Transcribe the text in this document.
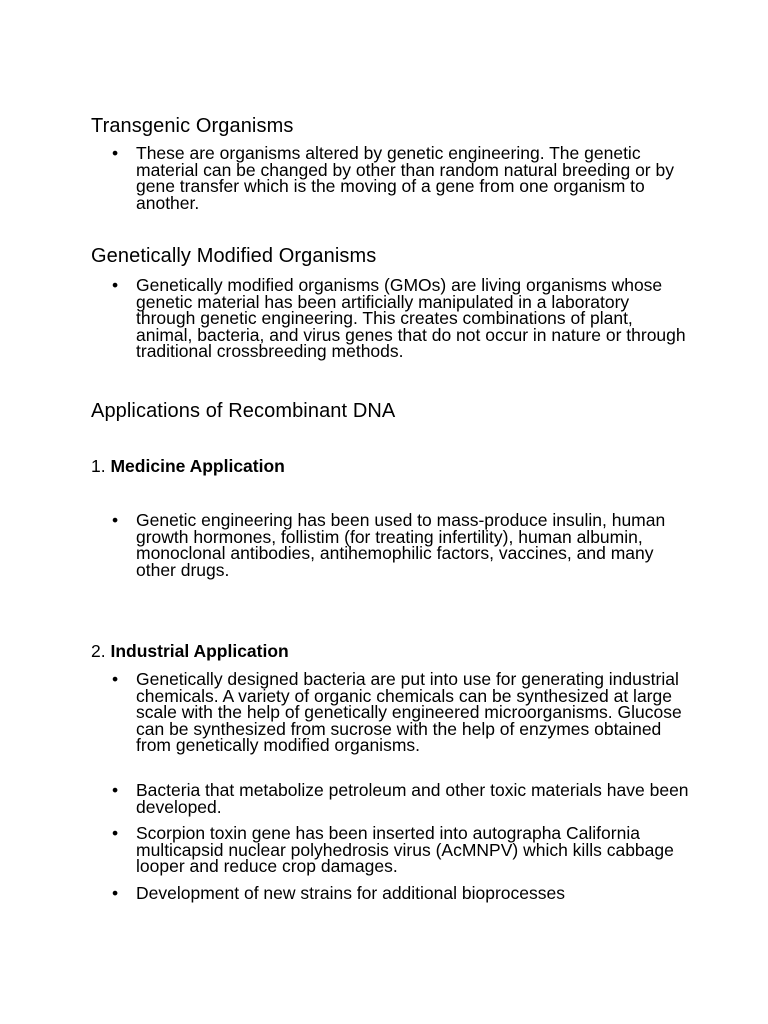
Transgenic Organisms
• These are organisms altered by genetic engineering. The genetic material can be changed by other than random natural breeding or by gene transfer which is the moving of a gene from one organism to another.
Genetically Modified Organisms
• Genetically modified organisms (GMOs) are living organisms whose genetic material has been artificially manipulated in a laboratory through genetic engineering. This creates combinations of plant, animal, bacteria, and virus genes that do not occur in nature or through traditional crossbreeding methods.
Applications of Recombinant DNA

1. Medicine Application

• Genetic engineering has been used to mass-produce insulin, human growth hormones, follistim (for treating infertility), human albumin, monoclonal antibodies, antihemophilic factors, vaccines, and many other drugs.

2. Industrial Application

• Genetically designed bacteria are put into use for generating industrial chemicals. A variety of organic chemicals can be synthesized at large scale with the help of genetically engineered microorganisms. Glucose can be synthesized from sucrose with the help of enzymes obtained from genetically modified organisms.
• Bacteria that metabolize petroleum and other toxic materials have been developed.
• Scorpion toxin gene has been inserted into autographa California multicapsid nuclear polyhedrosis virus (AcMNPV) which kills cabbage looper and reduce crop damages.
• Development of new strains for additional bioprocesses
